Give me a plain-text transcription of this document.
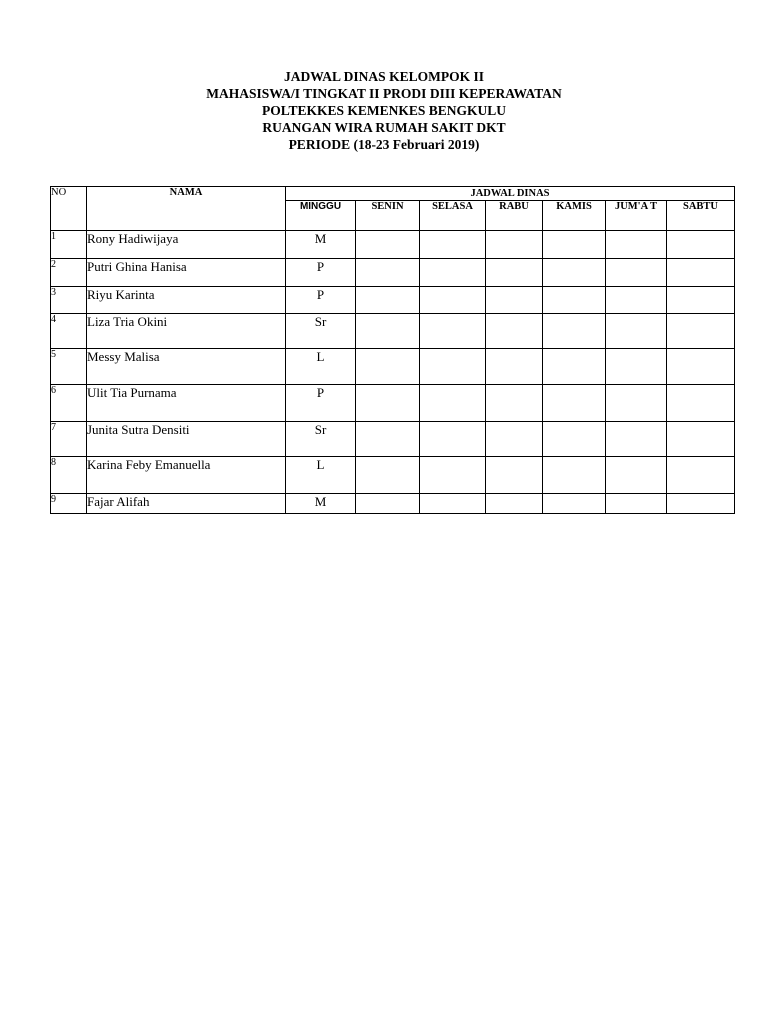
JADWAL DINAS KELOMPOK II
MAHASISWA/I TINGKAT II PRODI DIII KEPERAWATAN
POLTEKKES KEMENKES BENGKULU
RUANGAN WIRA RUMAH SAKIT DKT
PERIODE (18-23 Februari 2019)
NO	NAMA	JADWAL DINAS						
		MINGGU	SENIN	SELASA	RABU	KAMIS	JUM'A T	SABTU
1	Rony Hadiwijaya	M						
2	Putri Ghina Hanisa	P						
3	Riyu Karinta	P						
4	Liza Tria Okini	Sr						
5	Messy Malisa	L						
6	Ulit Tia Purnama	P						
7	Junita Sutra Densiti	Sr						
8	Karina Feby Emanuella	L						
9	Fajar Alifah	M						
